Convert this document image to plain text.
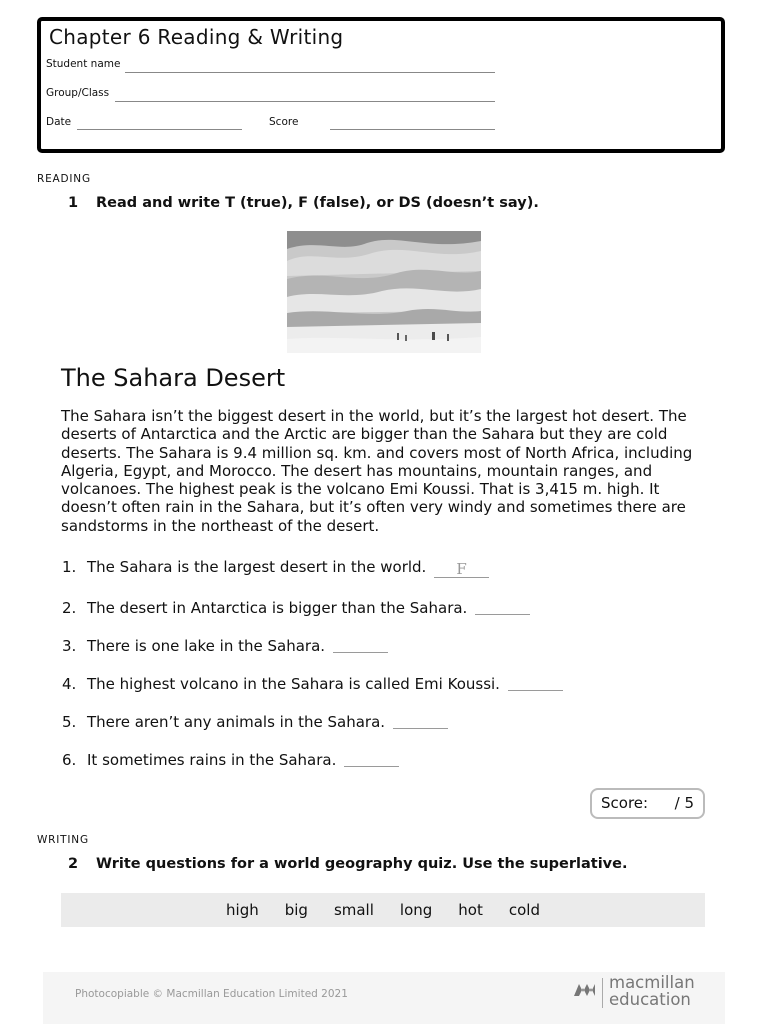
Chapter 6 Reading & Writing
Student name
Group/Class
Date	Score
READING
1 Read and write T (true), F (false), or DS (doesn’t say).
The Sahara Desert
The Sahara isn’t the biggest desert in the world, but it’s the largest hot desert. The deserts of Antarctica and the Arctic are bigger than the Sahara but they are cold deserts. The Sahara is 9.4 million sq. km. and covers most of North Africa, including Algeria, Egypt, and Morocco. The desert has mountains, mountain ranges, and volcanoes. The highest peak is the volcano Emi Koussi. That is 3,415 m. high. It doesn’t often rain in the Sahara, but it’s often very windy and sometimes there are sandstorms in the northeast of the desert.
1. The Sahara is the largest desert in the world. F
2. The desert in Antarctica is bigger than the Sahara.
3. There is one lake in the Sahara.
4. The highest volcano in the Sahara is called Emi Koussi.
5. There aren’t any animals in the Sahara.
6. It sometimes rains in the Sahara.
Score: / 5
WRITING
2 Write questions for a world geography quiz. Use the superlative.
high big small long hot cold
Photocopiable © Macmillan Education Limited 2021
macmillan
education
